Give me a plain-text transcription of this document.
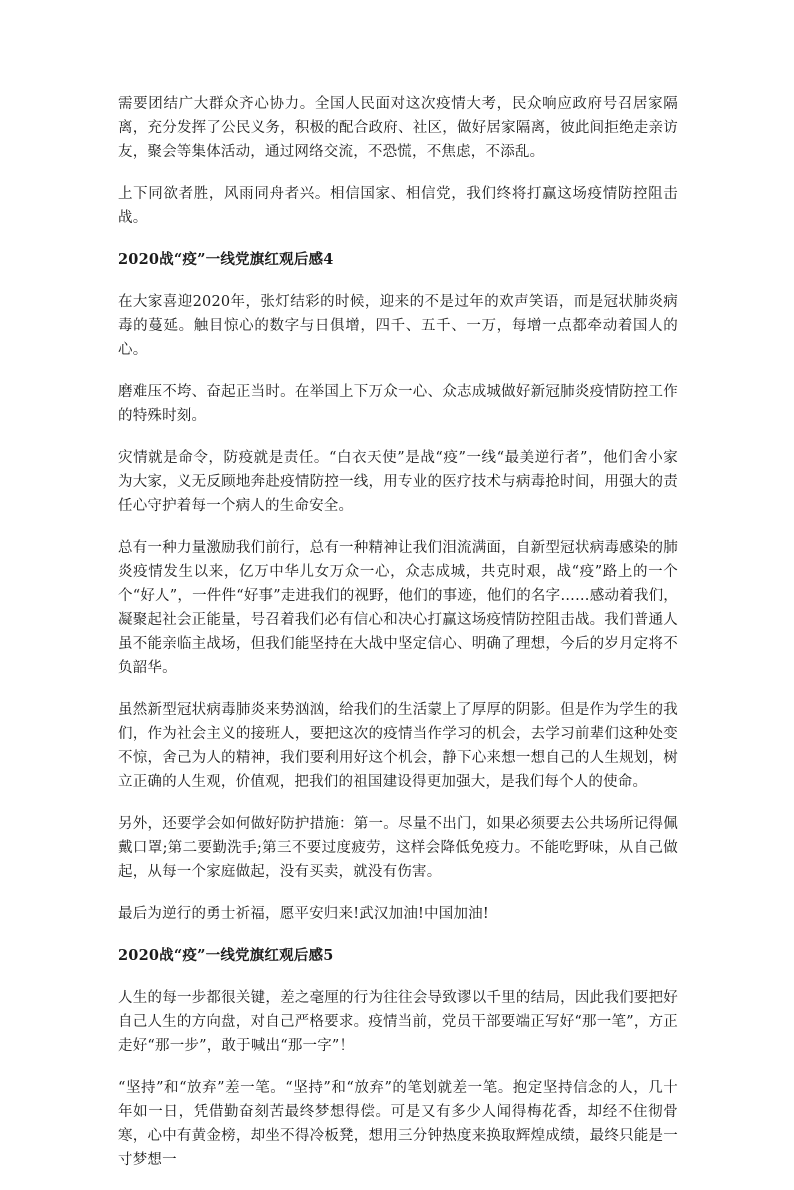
需要团结广大群众齐心协力。全国人民面对这次疫情大考，民众响应政府号召居家隔离，充分发挥了公民义务，积极的配合政府、社区，做好居家隔离，彼此间拒绝走亲访友，聚会等集体活动，通过网络交流，不恐慌，不焦虑，不添乱。

上下同欲者胜，风雨同舟者兴。相信国家、相信党，我们终将打赢这场疫情防控阻击战。

2020战“疫”一线党旗红观后感4

在大家喜迎2020年，张灯结彩的时候，迎来的不是过年的欢声笑语，而是冠状肺炎病毒的蔓延。触目惊心的数字与日俱增，四千、五千、一万，每增一点都牵动着国人的心。

磨难压不垮、奋起正当时。在举国上下万众一心、众志成城做好新冠肺炎疫情防控工作的特殊时刻。

灾情就是命令，防疫就是责任。“白衣天使”是战“疫”一线“最美逆行者”，他们舍小家为大家，义无反顾地奔赴疫情防控一线，用专业的医疗技术与病毒抢时间，用强大的责任心守护着每一个病人的生命安全。

总有一种力量激励我们前行，总有一种精神让我们泪流满面，自新型冠状病毒感染的肺炎疫情发生以来，亿万中华儿女万众一心，众志成城，共克时艰，战“疫”路上的一个个“好人”，一件件“好事”走进我们的视野，他们的事迹，他们的名字……感动着我们，凝聚起社会正能量，号召着我们必有信心和决心打赢这场疫情防控阻击战。我们普通人虽不能亲临主战场，但我们能坚持在大战中坚定信心、明确了理想，今后的岁月定将不负韶华。

虽然新型冠状病毒肺炎来势汹汹，给我们的生活蒙上了厚厚的阴影。但是作为学生的我们，作为社会主义的接班人，要把这次的疫情当作学习的机会，去学习前辈们这种处变不惊，舍己为人的精神，我们要利用好这个机会，静下心来想一想自己的人生规划，树立正确的人生观，价值观，把我们的祖国建设得更加强大，是我们每个人的使命。

另外，还要学会如何做好防护措施：第一。尽量不出门，如果必须要去公共场所记得佩戴口罩;第二要勤洗手;第三不要过度疲劳，这样会降低免疫力。不能吃野味，从自己做起，从每一个家庭做起，没有买卖，就没有伤害。

最后为逆行的勇士祈福，愿平安归来!武汉加油!中国加油!

2020战“疫”一线党旗红观后感5

人生的每一步都很关键，差之毫厘的行为往往会导致谬以千里的结局，因此我们要把好自己人生的方向盘，对自己严格要求。疫情当前，党员干部要端正写好“那一笔”，方正走好“那一步”，敢于喊出“那一字”！

“坚持”和“放弃”差一笔。“坚持”和“放弃”的笔划就差一笔。抱定坚持信念的人，几十年如一日，凭借勤奋刻苦最终梦想得偿。可是又有多少人闻得梅花香，却经不住彻骨寒，心中有黄金榜，却坐不得冷板凳，想用三分钟热度来换取辉煌成绩，最终只能是一寸梦想一
